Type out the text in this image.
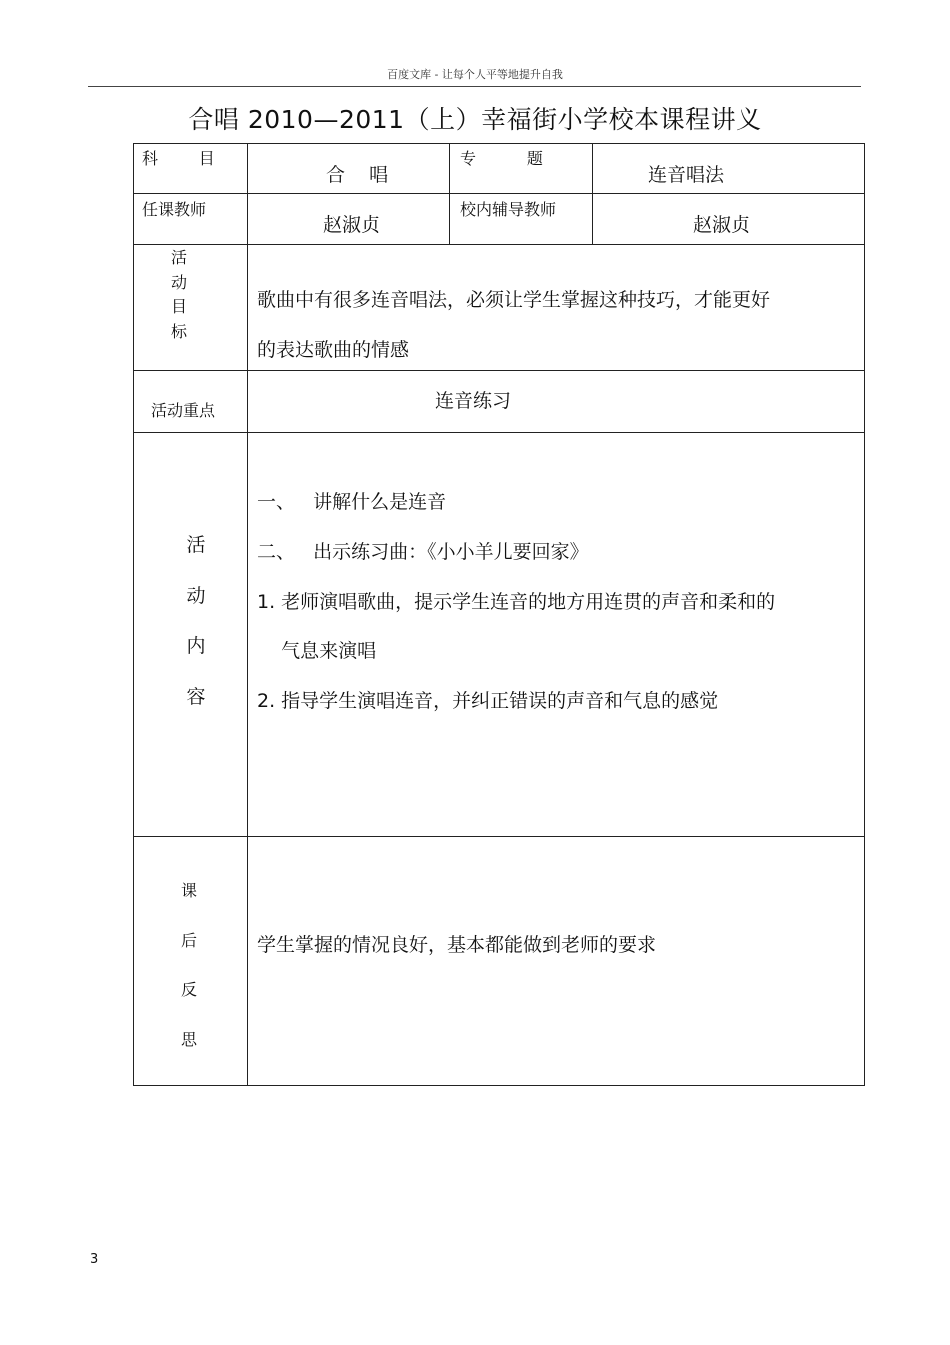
百度文库 - 让每个人平等地提升自我
合唱 2010—2011（上）幸福街小学校本课程讲义
科        目
合    唱
专          题
连音唱法
任课教师
赵淑贞
校内辅导教师
赵淑贞
活
动
目
标
歌曲中有很多连音唱法，必须让学生掌握这种技巧，才能更好
的表达歌曲的情感
活动重点	连音练习
活
动
内
容
一、   讲解什么是连音
二、   出示练习曲：《小小羊儿要回家》
1. 老师演唱歌曲，提示学生连音的地方用连贯的声音和柔和的
气息来演唱
2. 指导学生演唱连音，并纠正错误的声音和气息的感觉
课
后
反
思
学生掌握的情况良好，基本都能做到老师的要求
3
